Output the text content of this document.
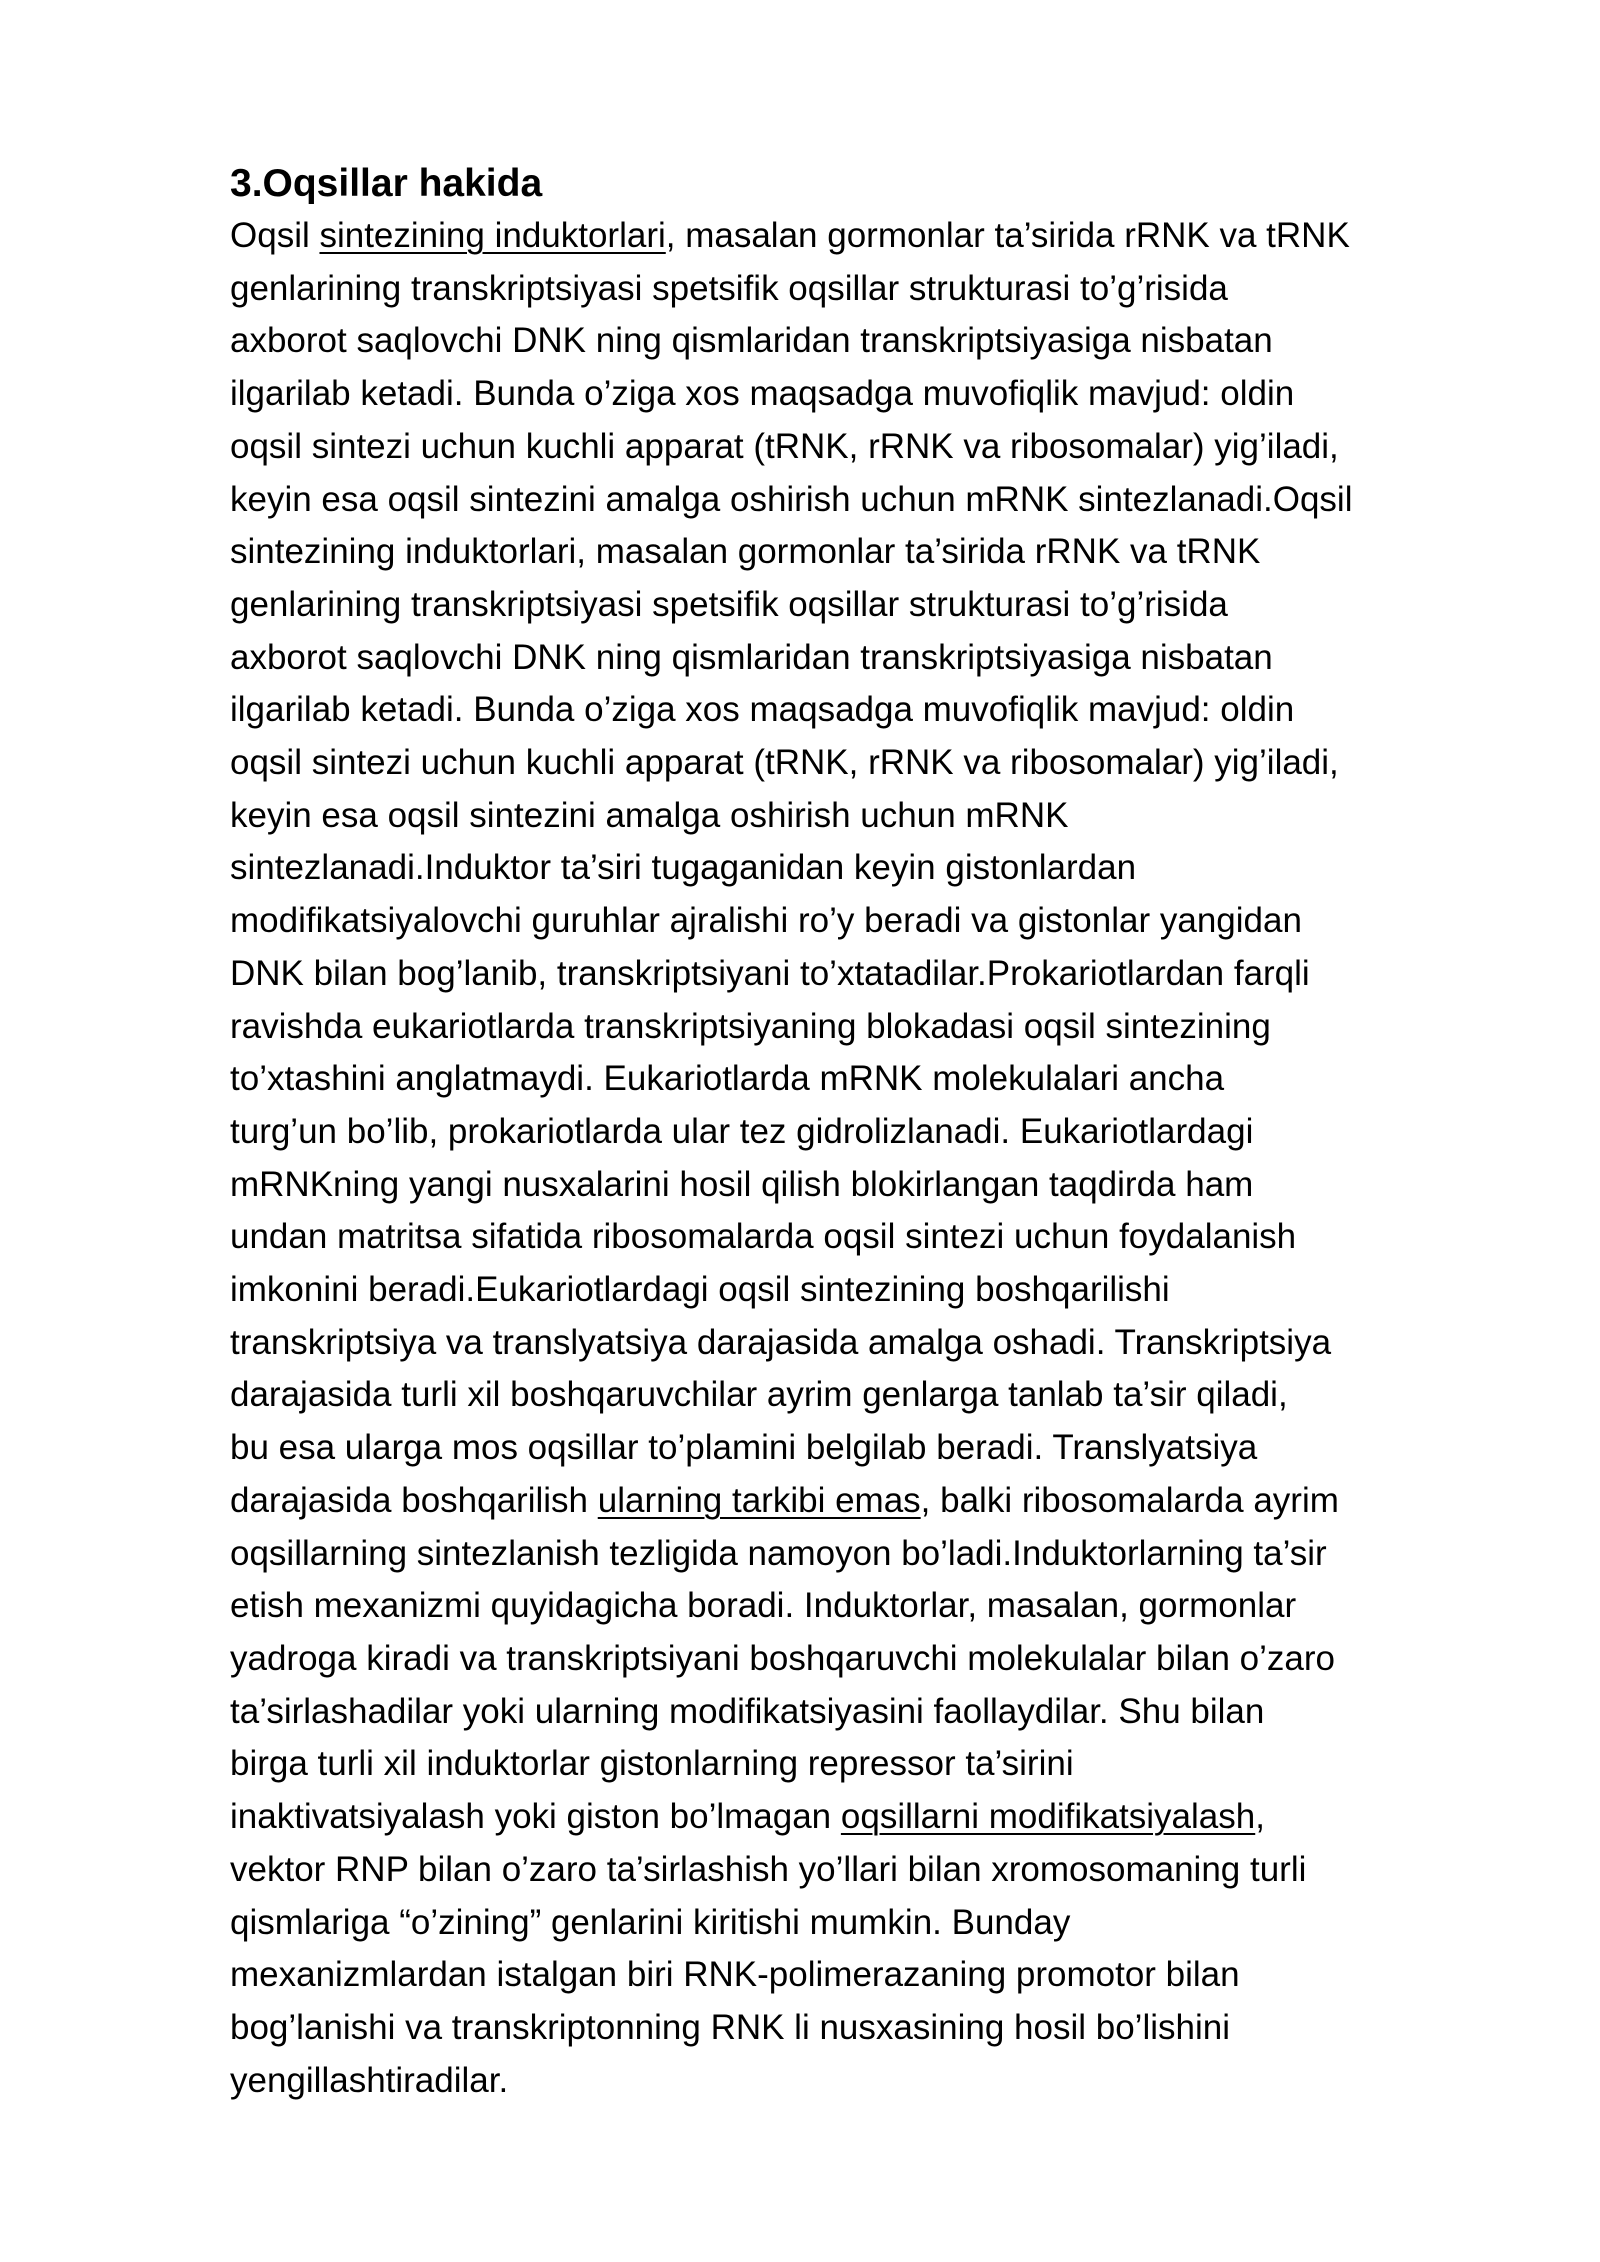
3.Oqsillar hakida
Oqsil sintezining induktorlari, masalan gormonlar ta’sirida rRNK va tRNK
genlarining transkriptsiyasi spetsifik oqsillar strukturasi to’g’risida
axborot saqlovchi DNK ning qismlaridan transkriptsiyasiga nisbatan
ilgarilab ketadi. Bunda o’ziga xos maqsadga muvofiqlik mavjud: oldin
oqsil sintezi uchun kuchli apparat (tRNK, rRNK va ribosomalar) yig’iladi,
keyin esa oqsil sintezini amalga oshirish uchun mRNK sintezlanadi.Oqsil
sintezining induktorlari, masalan gormonlar ta’sirida rRNK va tRNK
genlarining transkriptsiyasi spetsifik oqsillar strukturasi to’g’risida
axborot saqlovchi DNK ning qismlaridan transkriptsiyasiga nisbatan
ilgarilab ketadi. Bunda o’ziga xos maqsadga muvofiqlik mavjud: oldin
oqsil sintezi uchun kuchli apparat (tRNK, rRNK va ribosomalar) yig’iladi,
keyin esa oqsil sintezini amalga oshirish uchun mRNK
sintezlanadi.Induktor ta’siri tugaganidan keyin gistonlardan
modifikatsiyalovchi guruhlar ajralishi ro’y beradi va gistonlar yangidan
DNK bilan bog’lanib, transkriptsiyani to’xtatadilar.Prokariotlardan farqli
ravishda eukariotlarda transkriptsiyaning blokadasi oqsil sintezining
to’xtashini anglatmaydi. Eukariotlarda mRNK molekulalari ancha
turg’un bo’lib, prokariotlarda ular tez gidrolizlanadi. Eukariotlardagi
mRNKning yangi nusxalarini hosil qilish blokirlangan taqdirda ham
undan matritsa sifatida ribosomalarda oqsil sintezi uchun foydalanish
imkonini beradi.Eukariotlardagi oqsil sintezining boshqarilishi
transkriptsiya va translyatsiya darajasida amalga oshadi. Transkriptsiya
darajasida turli xil boshqaruvchilar ayrim genlarga tanlab ta’sir qiladi,
bu esa ularga mos oqsillar to’plamini belgilab beradi. Translyatsiya
darajasida boshqarilish ularning tarkibi emas, balki ribosomalarda ayrim
oqsillarning sintezlanish tezligida namoyon bo’ladi.Induktorlarning ta’sir
etish mexanizmi quyidagicha boradi. Induktorlar, masalan, gormonlar
yadroga kiradi va transkriptsiyani boshqaruvchi molekulalar bilan o’zaro
ta’sirlashadilar yoki ularning modifikatsiyasini faollaydilar. Shu bilan
birga turli xil induktorlar gistonlarning repressor ta’sirini
inaktivatsiyalash yoki giston bo’lmagan oqsillarni modifikatsiyalash,
vektor RNP bilan o’zaro ta’sirlashish yo’llari bilan xromosomaning turli
qismlariga “o’zining” genlarini kiritishi mumkin. Bunday
mexanizmlardan istalgan biri RNK-polimerazaning promotor bilan
bog’lanishi va transkriptonning RNK li nusxasining hosil bo’lishini
yengillashtiradilar.
